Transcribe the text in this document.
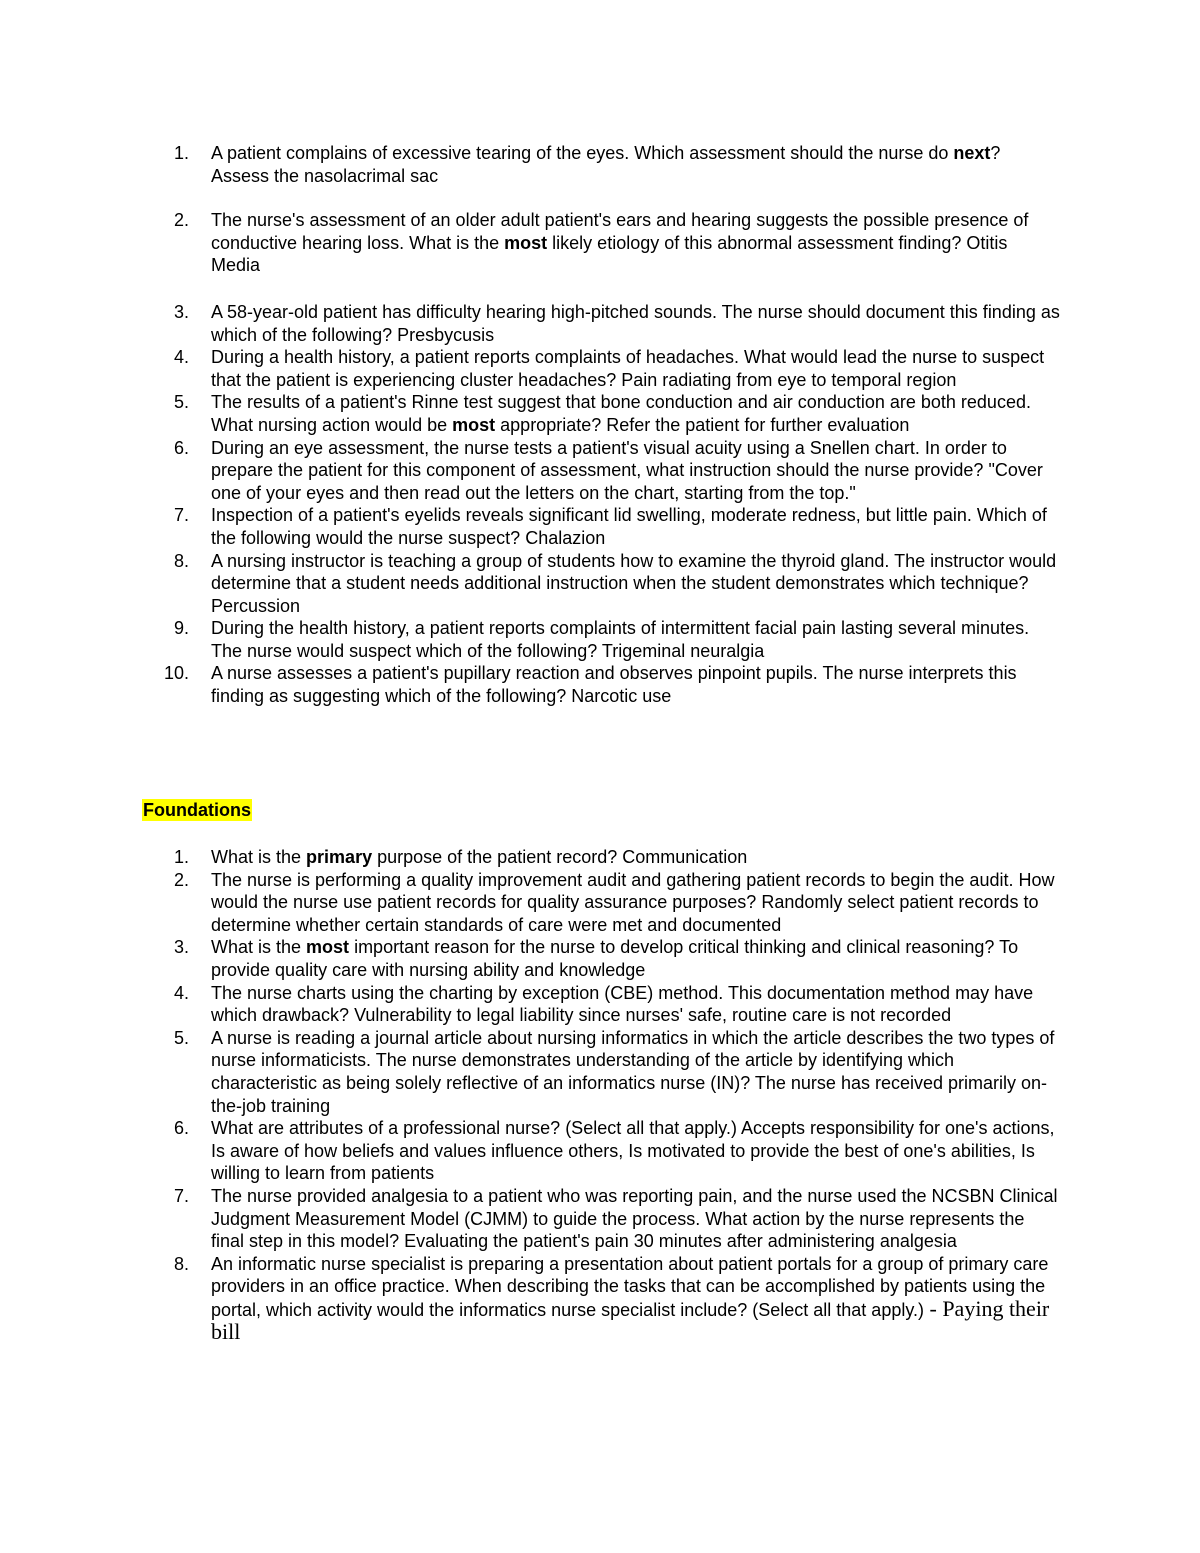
1. A patient complains of excessive tearing of the eyes. Which assessment should the nurse do next? Assess the nasolacrimal sac
2. The nurse's assessment of an older adult patient's ears and hearing suggests the possible presence of conductive hearing loss. What is the most likely etiology of this abnormal assessment finding? Otitis Media
3. A 58-year-old patient has difficulty hearing high-pitched sounds. The nurse should document this finding as which of the following? Presbycusis
4. During a health history, a patient reports complaints of headaches. What would lead the nurse to suspect that the patient is experiencing cluster headaches? Pain radiating from eye to temporal region
5. The results of a patient's Rinne test suggest that bone conduction and air conduction are both reduced. What nursing action would be most appropriate? Refer the patient for further evaluation
6. During an eye assessment, the nurse tests a patient's visual acuity using a Snellen chart. In order to prepare the patient for this component of assessment, what instruction should the nurse provide? "Cover one of your eyes and then read out the letters on the chart, starting from the top."
7. Inspection of a patient's eyelids reveals significant lid swelling, moderate redness, but little pain. Which of the following would the nurse suspect? Chalazion
8. A nursing instructor is teaching a group of students how to examine the thyroid gland. The instructor would determine that a student needs additional instruction when the student demonstrates which technique? Percussion
9. During the health history, a patient reports complaints of intermittent facial pain lasting several minutes. The nurse would suspect which of the following? Trigeminal neuralgia
10. A nurse assesses a patient's pupillary reaction and observes pinpoint pupils. The nurse interprets this finding as suggesting which of the following? Narcotic use
Foundations
1. What is the primary purpose of the patient record? Communication
2. The nurse is performing a quality improvement audit and gathering patient records to begin the audit. How would the nurse use patient records for quality assurance purposes? Randomly select patient records to determine whether certain standards of care were met and documented
3. What is the most important reason for the nurse to develop critical thinking and clinical reasoning? To provide quality care with nursing ability and knowledge
4. The nurse charts using the charting by exception (CBE) method. This documentation method may have which drawback? Vulnerability to legal liability since nurses' safe, routine care is not recorded
5. A nurse is reading a journal article about nursing informatics in which the article describes the two types of nurse informaticists. The nurse demonstrates understanding of the article by identifying which characteristic as being solely reflective of an informatics nurse (IN)? The nurse has received primarily on-the-job training
6. What are attributes of a professional nurse? (Select all that apply.) Accepts responsibility for one's actions, Is aware of how beliefs and values influence others, Is motivated to provide the best of one's abilities, Is willing to learn from patients
7. The nurse provided analgesia to a patient who was reporting pain, and the nurse used the NCSBN Clinical Judgment Measurement Model (CJMM) to guide the process. What action by the nurse represents the final step in this model? Evaluating the patient's pain 30 minutes after administering analgesia
8. An informatic nurse specialist is preparing a presentation about patient portals for a group of primary care providers in an office practice. When describing the tasks that can be accomplished by patients using the portal, which activity would the informatics nurse specialist include? (Select all that apply.) - Paying their bill
